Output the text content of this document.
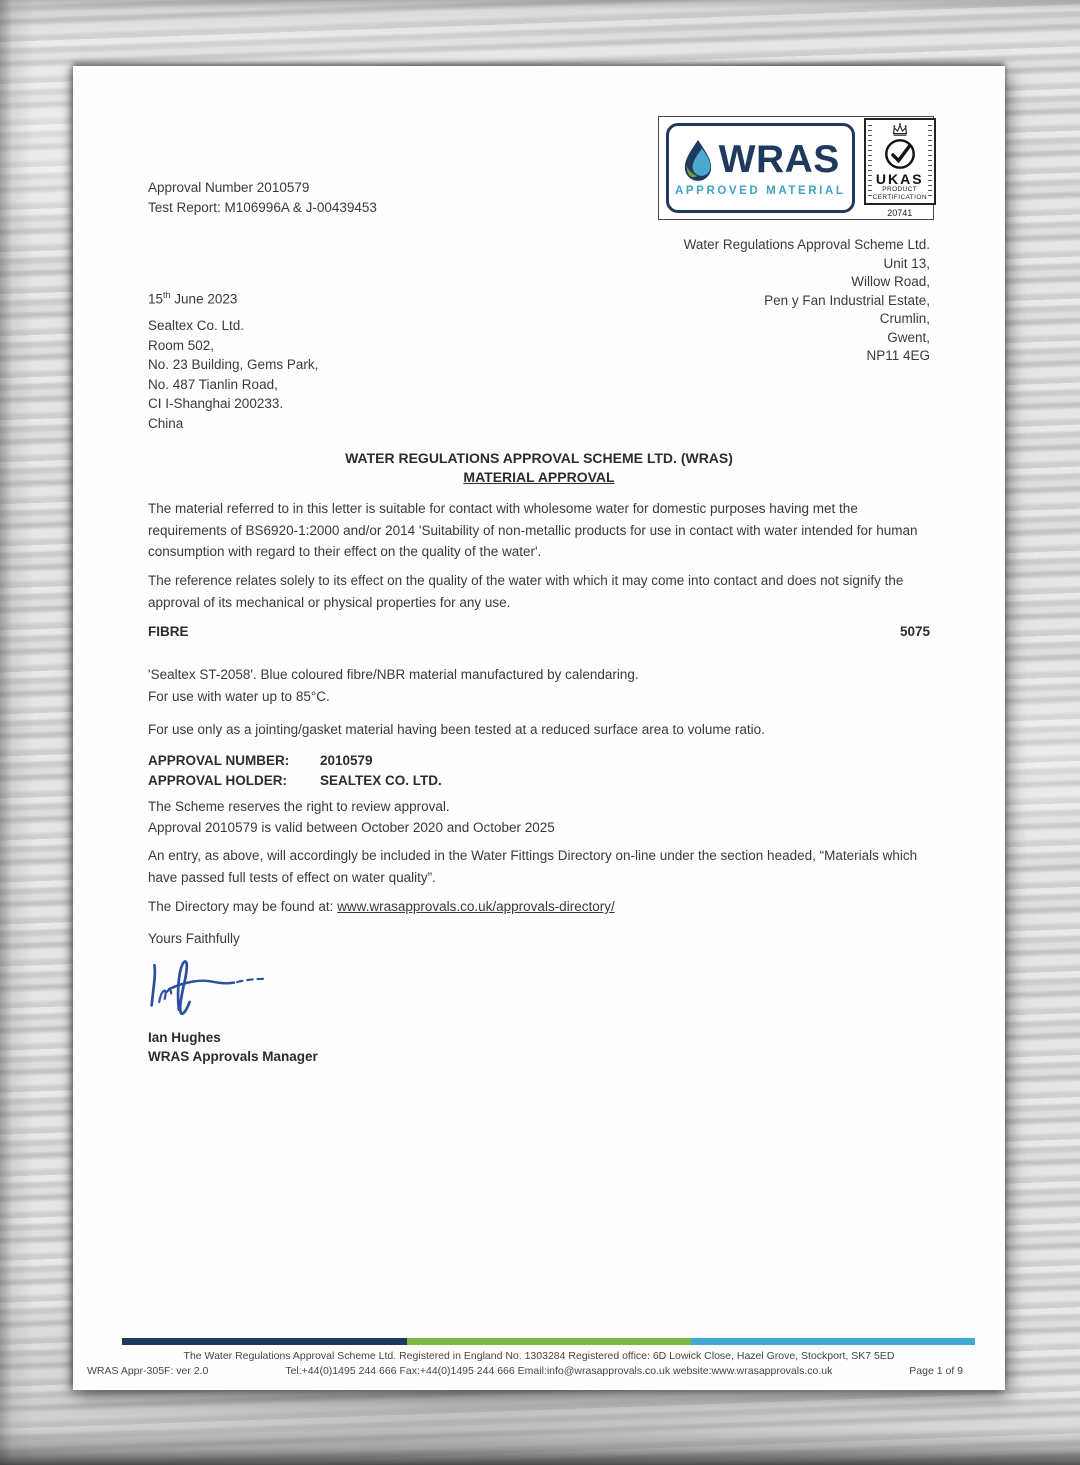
Approval Number 2010579
Test Report: M106996A & J-00439453
WRAS
APPROVED MATERIAL
UKAS
PRODUCT
CERTIFICATION
20741
Water Regulations Approval Scheme Ltd.
Unit 13,
Willow Road,
Pen y Fan Industrial Estate,
Crumlin,
Gwent,
NP11 4EG
15th June 2023
Sealtex Co. Ltd.
Room 502,
No. 23 Building, Gems Park,
No. 487 Tianlin Road,
CI I-Shanghai 200233.
China
WATER REGULATIONS APPROVAL SCHEME LTD. (WRAS)
MATERIAL APPROVAL
The material referred to in this letter is suitable for contact with wholesome water for domestic purposes having met the requirements of BS6920-1:2000 and/or 2014 'Suitability of non-metallic products for use in contact with water intended for human consumption with regard to their effect on the quality of the water'.
The reference relates solely to its effect on the quality of the water with which it may come into contact and does not signify the approval of its mechanical or physical properties for any use.
FIBRE	5075
'Sealtex ST-2058'. Blue coloured fibre/NBR material manufactured by calendaring.
For use with water up to 85°C.
For use only as a jointing/gasket material having been tested at a reduced surface area to volume ratio.
APPROVAL NUMBER: 2010579
APPROVAL HOLDER: SEALTEX CO. LTD.
The Scheme reserves the right to review approval.
Approval 2010579 is valid between October 2020 and October 2025
An entry, as above, will accordingly be included in the Water Fittings Directory on-line under the section headed, “Materials which have passed full tests of effect on water quality”.
The Directory may be found at: www.wrasapprovals.co.uk/approvals-directory/
Yours Faithfully
Ian Hughes
WRAS Approvals Manager
The Water Regulations Approval Scheme Ltd. Registered in England No. 1303284 Registered office: 6D Lowick Close, Hazel Grove, Stockport, SK7 5ED
WRAS Appr-305F: ver 2.0	Tel:+44(0)1495 244 666 Fax:+44(0)1495 244 666 Email:info@wrasapprovals.co.uk website:www.wrasapprovals.co.uk	Page 1 of 9
